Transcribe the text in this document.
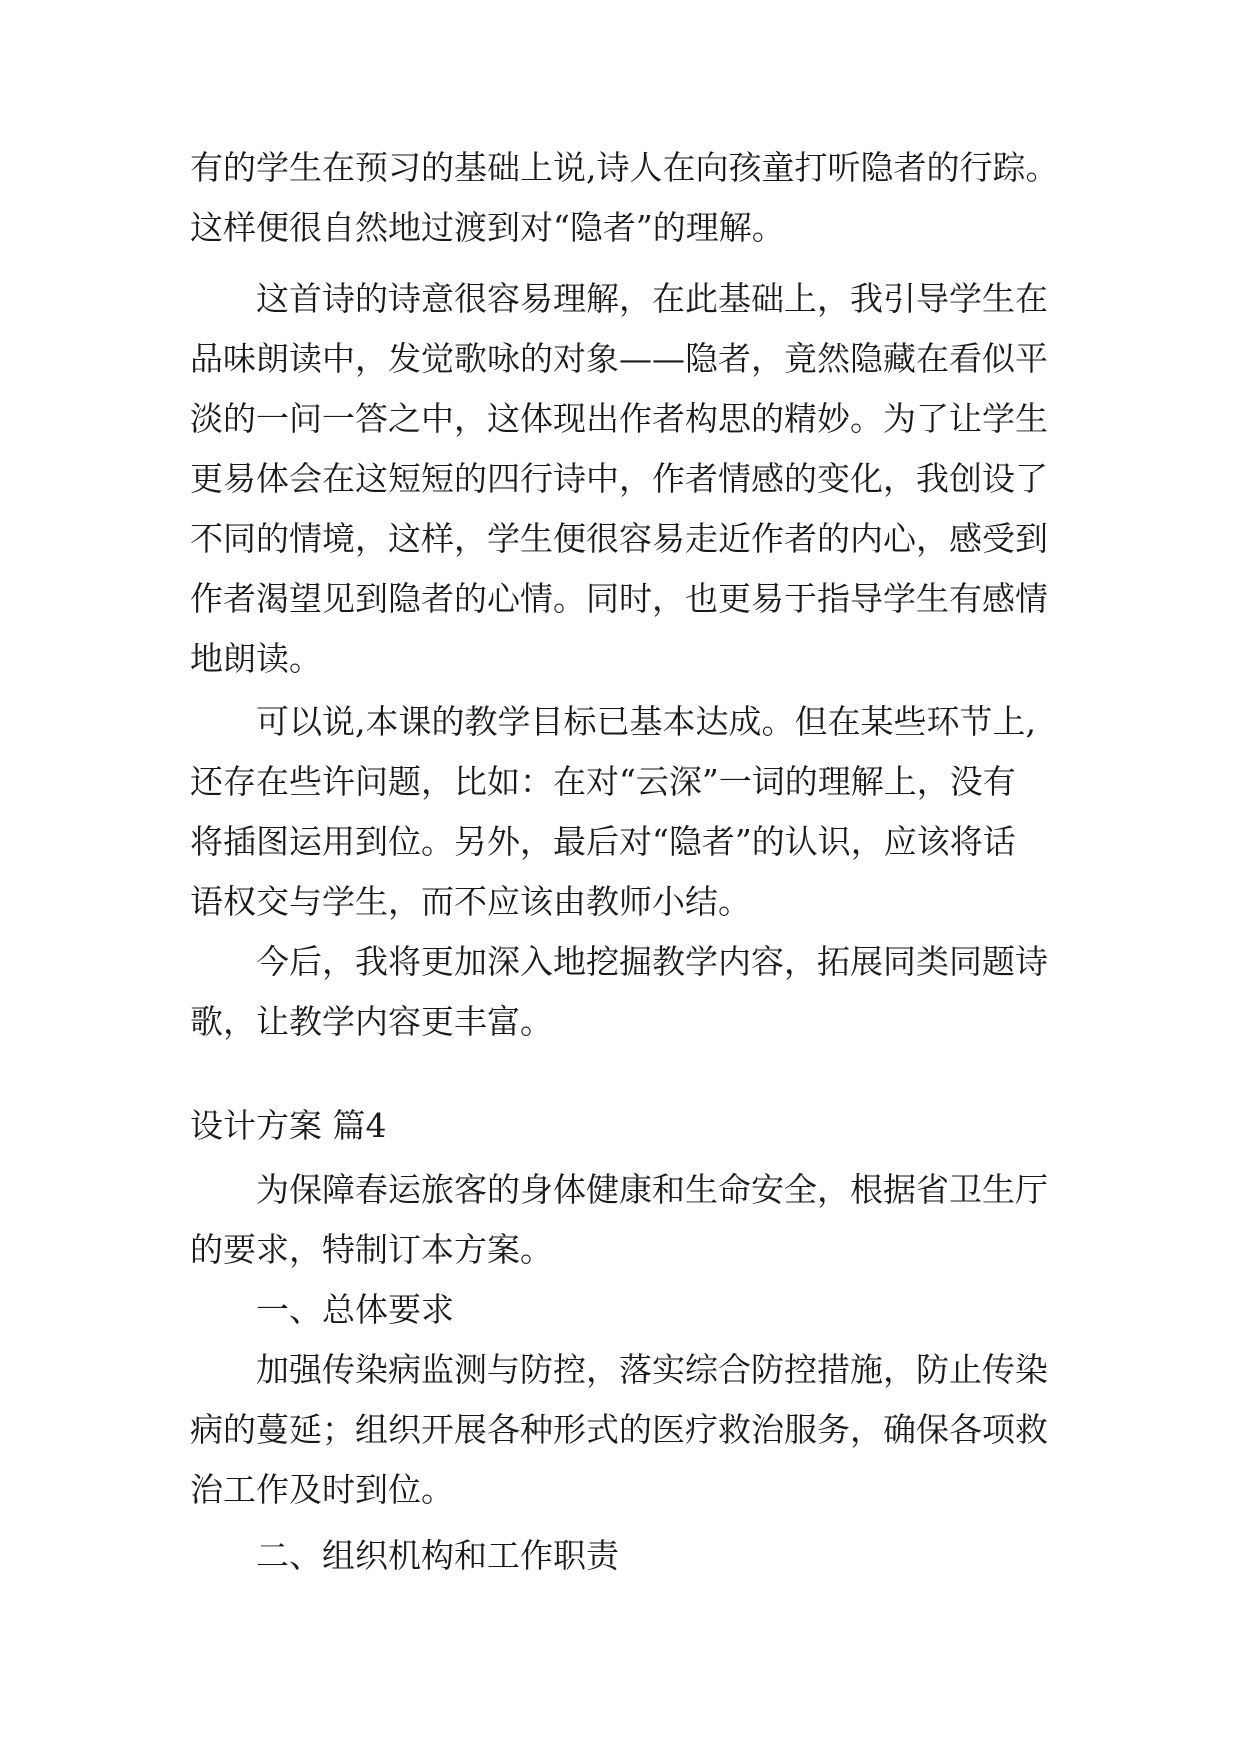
有的学生在预习的基础上说,诗人在向孩童打听隐者的行踪。
这样便很自然地过渡到对“隐者”的理解。
这首诗的诗意很容易理解，在此基础上，我引导学生在
品味朗读中，发觉歌咏的对象——隐者，竟然隐藏在看似平
淡的一问一答之中，这体现出作者构思的精妙。为了让学生
更易体会在这短短的四行诗中，作者情感的变化，我创设了
不同的情境，这样，学生便很容易走近作者的内心，感受到
作者渴望见到隐者的心情。同时，也更易于指导学生有感情
地朗读。
可以说,本课的教学目标已基本达成。但在某些环节上,
还存在些许问题，比如：在对“云深”一词的理解上，没有
将插图运用到位。另外，最后对“隐者”的认识，应该将话
语权交与学生，而不应该由教师小结。
今后，我将更加深入地挖掘教学内容，拓展同类同题诗
歌，让教学内容更丰富。
设计方案 篇4
为保障春运旅客的身体健康和生命安全，根据省卫生厅
的要求，特制订本方案。
一、总体要求
加强传染病监测与防控，落实综合防控措施，防止传染
病的蔓延；组织开展各种形式的医疗救治服务，确保各项救
治工作及时到位。
二、组织机构和工作职责
